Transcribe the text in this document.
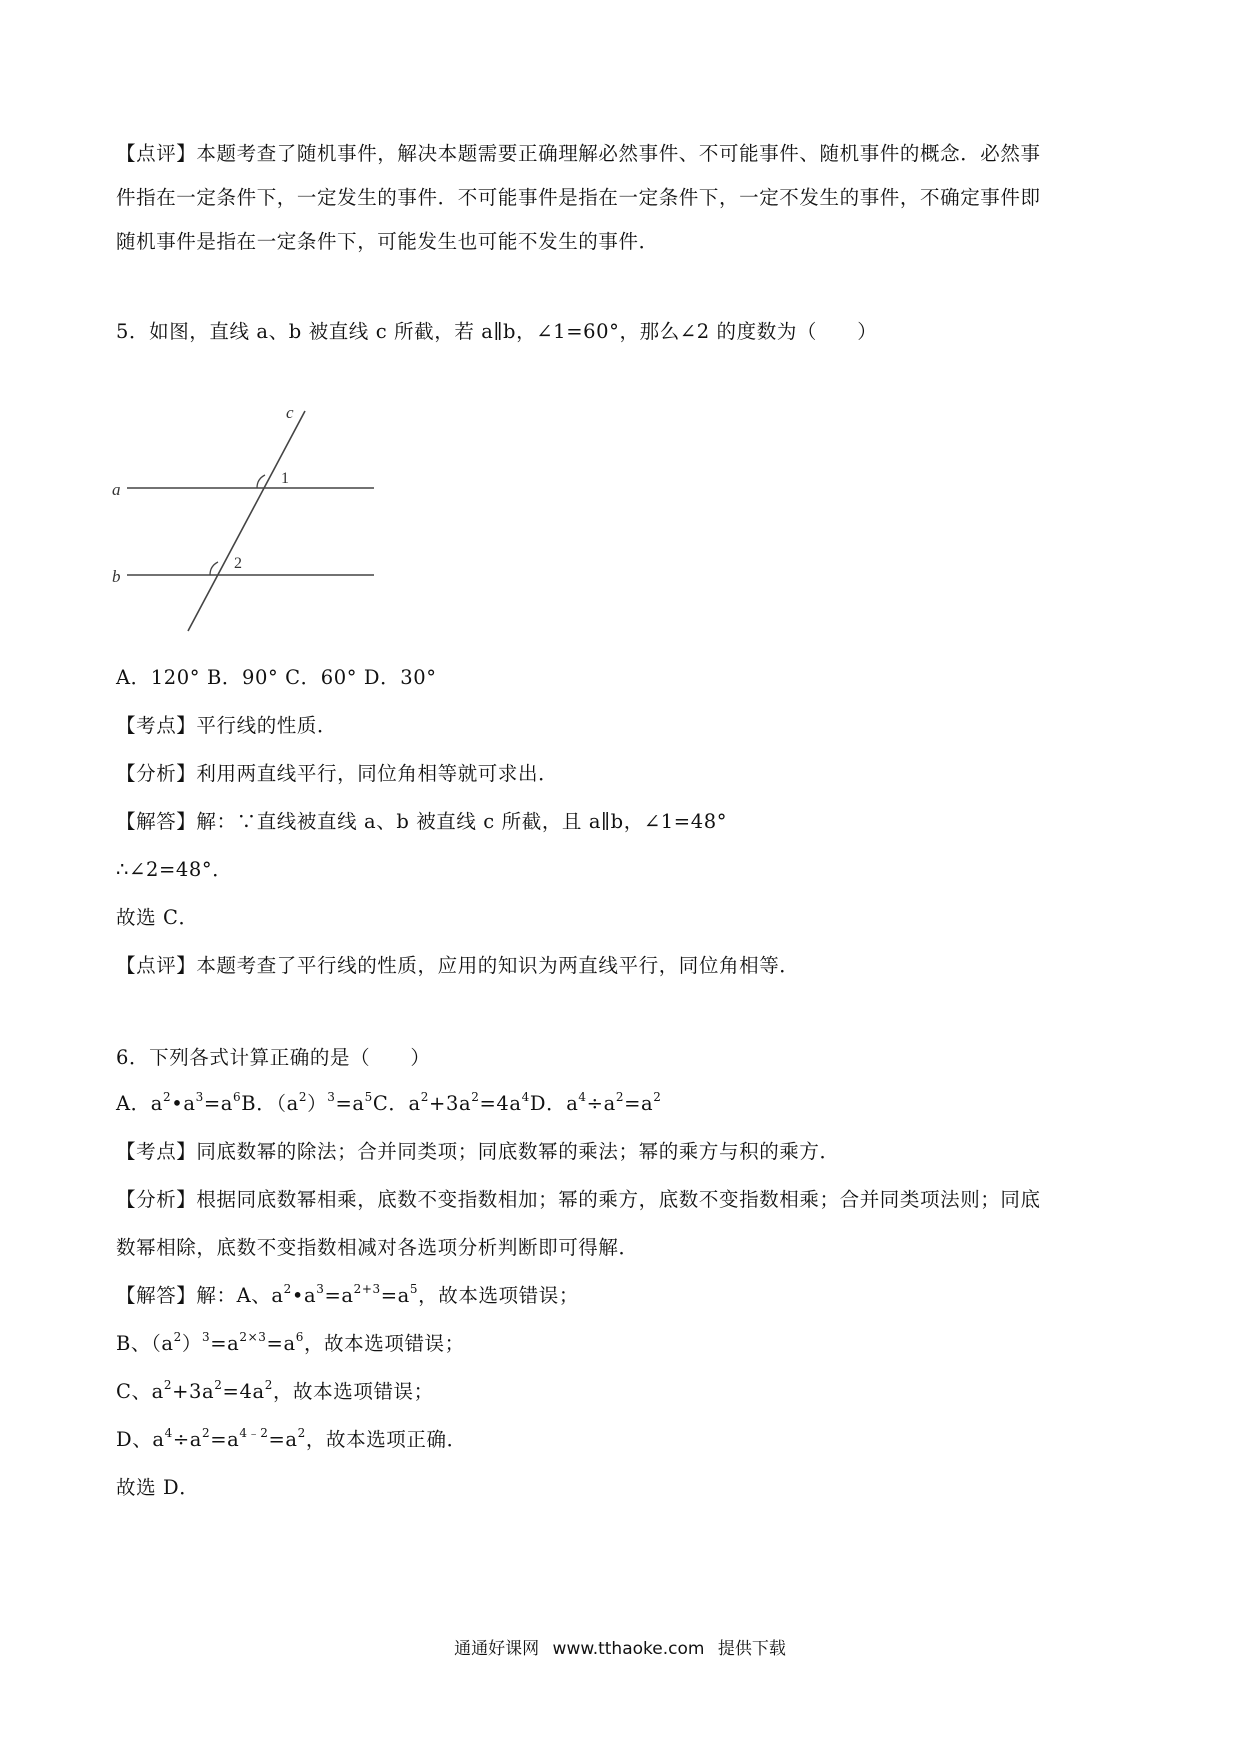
【点评】本题考查了随机事件，解决本题需要正确理解必然事件、不可能事件、随机事件的概念．必然事
件指在一定条件下，一定发生的事件．不可能事件是指在一定条件下，一定不发生的事件，不确定事件即
随机事件是指在一定条件下，可能发生也可能不发生的事件．
5．如图，直线 a、b 被直线 c 所截，若 a∥b，∠1=60°，那么∠2 的度数为（　　）
a
b
c
1
2
A．120° B．90° C．60° D．30°
【考点】平行线的性质．
【分析】利用两直线平行，同位角相等就可求出．
【解答】解：∵直线被直线 a、b 被直线 c 所截，且 a∥b，∠1=48°
∴∠2=48°．
故选 C．
【点评】本题考查了平行线的性质，应用的知识为两直线平行，同位角相等．
6．下列各式计算正确的是（　　）
A．$a^2•a^3=a^6B$．$(a^2)^3=a^5C$．$a^2+3a^2=4a^4D$．$a^4\div a^2=a^2$
【考点】同底数幂的除法；合并同类项；同底数幂的乘法；幂的乘方与积的乘方．
【分析】根据同底数幂相乘，底数不变指数相加；幂的乘方，底数不变指数相乘；合并同类项法则；同底
数幂相除，底数不变指数相减对各选项分析判断即可得解．
【解答】解：A、$a^2•a^3=a^{2+3}=a^5$，故本选项错误；
B、$(a^2)^3=a^{2\times 3}=a^6$，故本选项错误；
C、$a^2+3a^2=4a^2$，故本选项错误；
D、$a^4\div a^2=a^{4﹣2}=a^2$，故本选项正确．
故选 D．
通通好课网 www.tthaoke.com 提供下载
